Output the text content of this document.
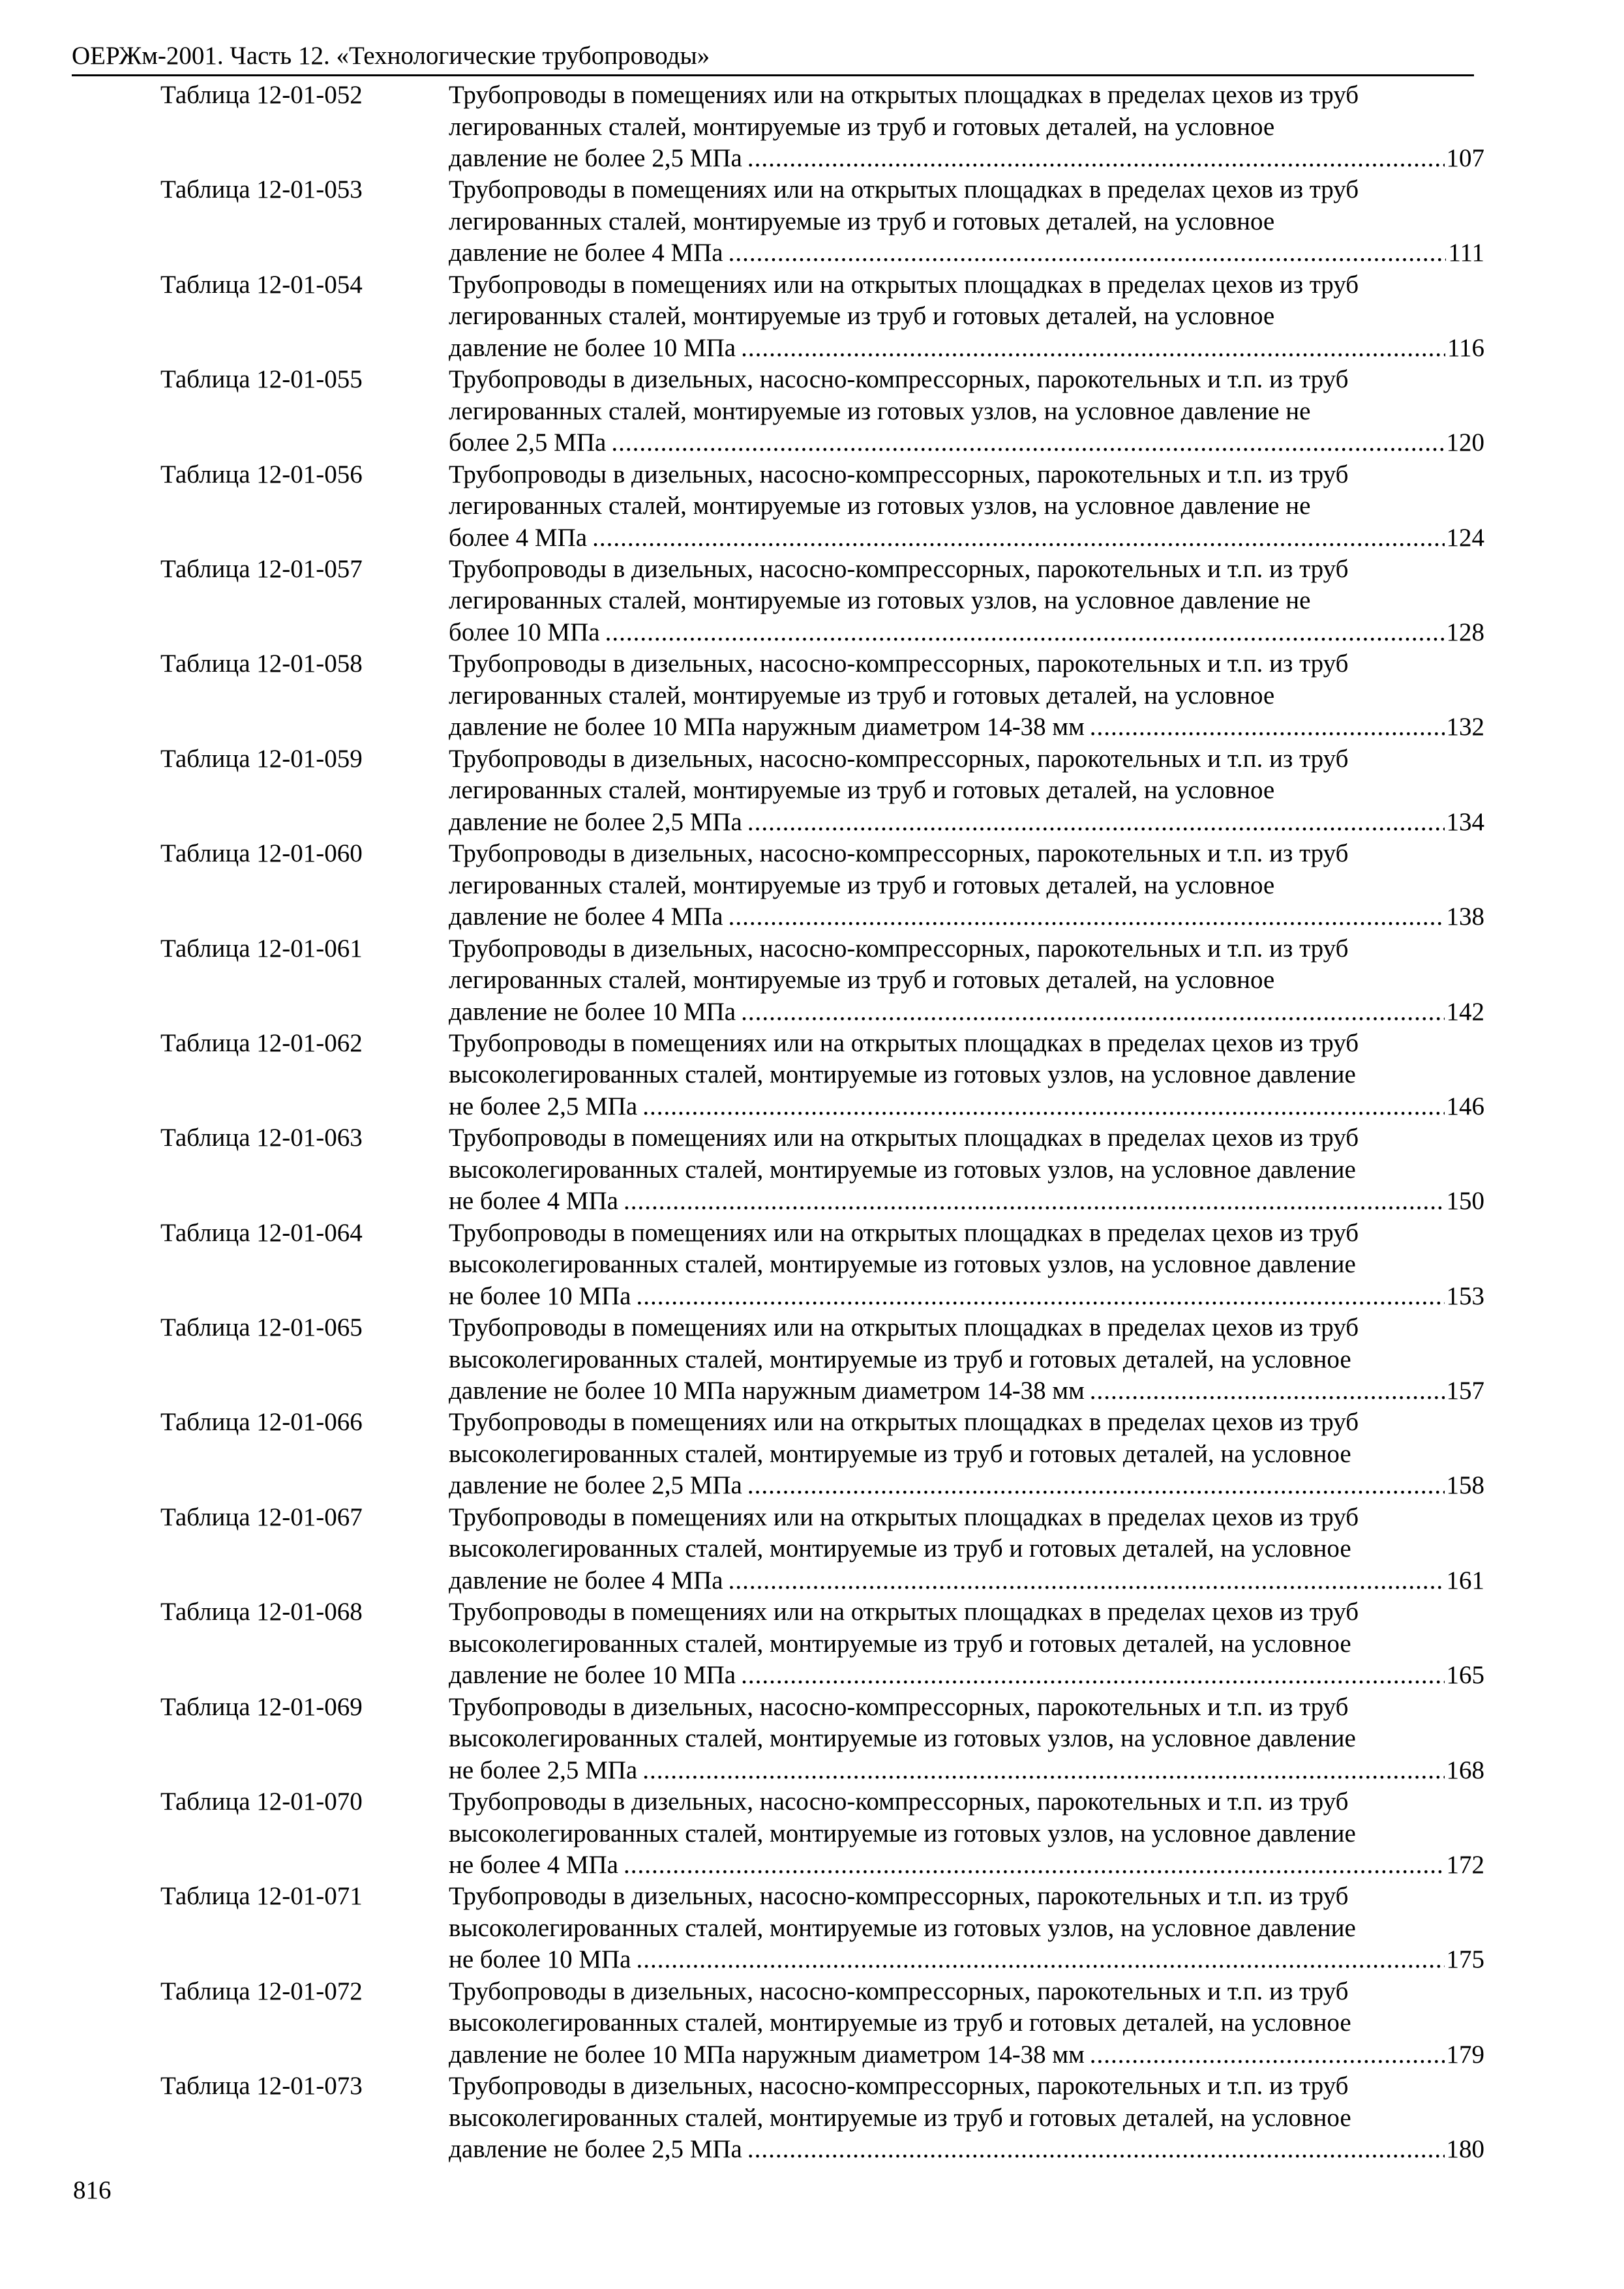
ОЕРЖм-2001. Часть 12. «Технологические трубопроводы»
Таблица 12-01-052	Трубопроводы в помещениях или на открытых площадках в пределах цехов из труб
легированных сталей, монтируемые из труб и готовых деталей, на условное
давление не более 2,5 МПа .....	107
Таблица 12-01-053	Трубопроводы в помещениях или на открытых площадках в пределах цехов из труб
легированных сталей, монтируемые из труб и готовых деталей, на условное
давление не более 4 МПа .....	111
Таблица 12-01-054	Трубопроводы в помещениях или на открытых площадках в пределах цехов из труб
легированных сталей, монтируемые из труб и готовых деталей, на условное
давление не более 10 МПа .....	116
Таблица 12-01-055	Трубопроводы в дизельных, насосно-компрессорных, парокотельных и т.п. из труб
легированных сталей, монтируемые из готовых узлов, на условное давление не
более 2,5 МПа .....	120
Таблица 12-01-056	Трубопроводы в дизельных, насосно-компрессорных, парокотельных и т.п. из труб
легированных сталей, монтируемые из готовых узлов, на условное давление не
более 4 МПа .....	124
Таблица 12-01-057	Трубопроводы в дизельных, насосно-компрессорных, парокотельных и т.п. из труб
легированных сталей, монтируемые из готовых узлов, на условное давление не
более 10 МПа .....	128
Таблица 12-01-058	Трубопроводы в дизельных, насосно-компрессорных, парокотельных и т.п. из труб
легированных сталей, монтируемые из труб и готовых деталей, на условное
давление не более 10 МПа наружным диаметром 14-38 мм .....	132
Таблица 12-01-059	Трубопроводы в дизельных, насосно-компрессорных, парокотельных и т.п. из труб
легированных сталей, монтируемые из труб и готовых деталей, на условное
давление не более 2,5 МПа .....	134
Таблица 12-01-060	Трубопроводы в дизельных, насосно-компрессорных, парокотельных и т.п. из труб
легированных сталей, монтируемые из труб и готовых деталей, на условное
давление не более 4 МПа .....	138
Таблица 12-01-061	Трубопроводы в дизельных, насосно-компрессорных, парокотельных и т.п. из труб
легированных сталей, монтируемые из труб и готовых деталей, на условное
давление не более 10 МПа .....	142
Таблица 12-01-062	Трубопроводы в помещениях или на открытых площадках в пределах цехов из труб
высоколегированных сталей, монтируемые из готовых узлов, на условное давление
не более 2,5 МПа .....	146
Таблица 12-01-063	Трубопроводы в помещениях или на открытых площадках в пределах цехов из труб
высоколегированных сталей, монтируемые из готовых узлов, на условное давление
не более 4 МПа .....	150
Таблица 12-01-064	Трубопроводы в помещениях или на открытых площадках в пределах цехов из труб
высоколегированных сталей, монтируемые из готовых узлов, на условное давление
не более 10 МПа .....	153
Таблица 12-01-065	Трубопроводы в помещениях или на открытых площадках в пределах цехов из труб
высоколегированных сталей, монтируемые из труб и готовых деталей, на условное
давление не более 10 МПа наружным диаметром 14-38 мм .....	157
Таблица 12-01-066	Трубопроводы в помещениях или на открытых площадках в пределах цехов из труб
высоколегированных сталей, монтируемые из труб и готовых деталей, на условное
давление не более 2,5 МПа .....	158
Таблица 12-01-067	Трубопроводы в помещениях или на открытых площадках в пределах цехов из труб
высоколегированных сталей, монтируемые из труб и готовых деталей, на условное
давление не более 4 МПа .....	161
Таблица 12-01-068	Трубопроводы в помещениях или на открытых площадках в пределах цехов из труб
высоколегированных сталей, монтируемые из труб и готовых деталей, на условное
давление не более 10 МПа .....	165
Таблица 12-01-069	Трубопроводы в дизельных, насосно-компрессорных, парокотельных и т.п. из труб
высоколегированных сталей, монтируемые из готовых узлов, на условное давление
не более 2,5 МПа .....	168
Таблица 12-01-070	Трубопроводы в дизельных, насосно-компрессорных, парокотельных и т.п. из труб
высоколегированных сталей, монтируемые из готовых узлов, на условное давление
не более 4 МПа .....	172
Таблица 12-01-071	Трубопроводы в дизельных, насосно-компрессорных, парокотельных и т.п. из труб
высоколегированных сталей, монтируемые из готовых узлов, на условное давление
не более 10 МПа .....	175
Таблица 12-01-072	Трубопроводы в дизельных, насосно-компрессорных, парокотельных и т.п. из труб
высоколегированных сталей, монтируемые из труб и готовых деталей, на условное
давление не более 10 МПа наружным диаметром 14-38 мм .....	179
Таблица 12-01-073	Трубопроводы в дизельных, насосно-компрессорных, парокотельных и т.п. из труб
высоколегированных сталей, монтируемые из труб и готовых деталей, на условное
давление не более 2,5 МПа .....	180
816
